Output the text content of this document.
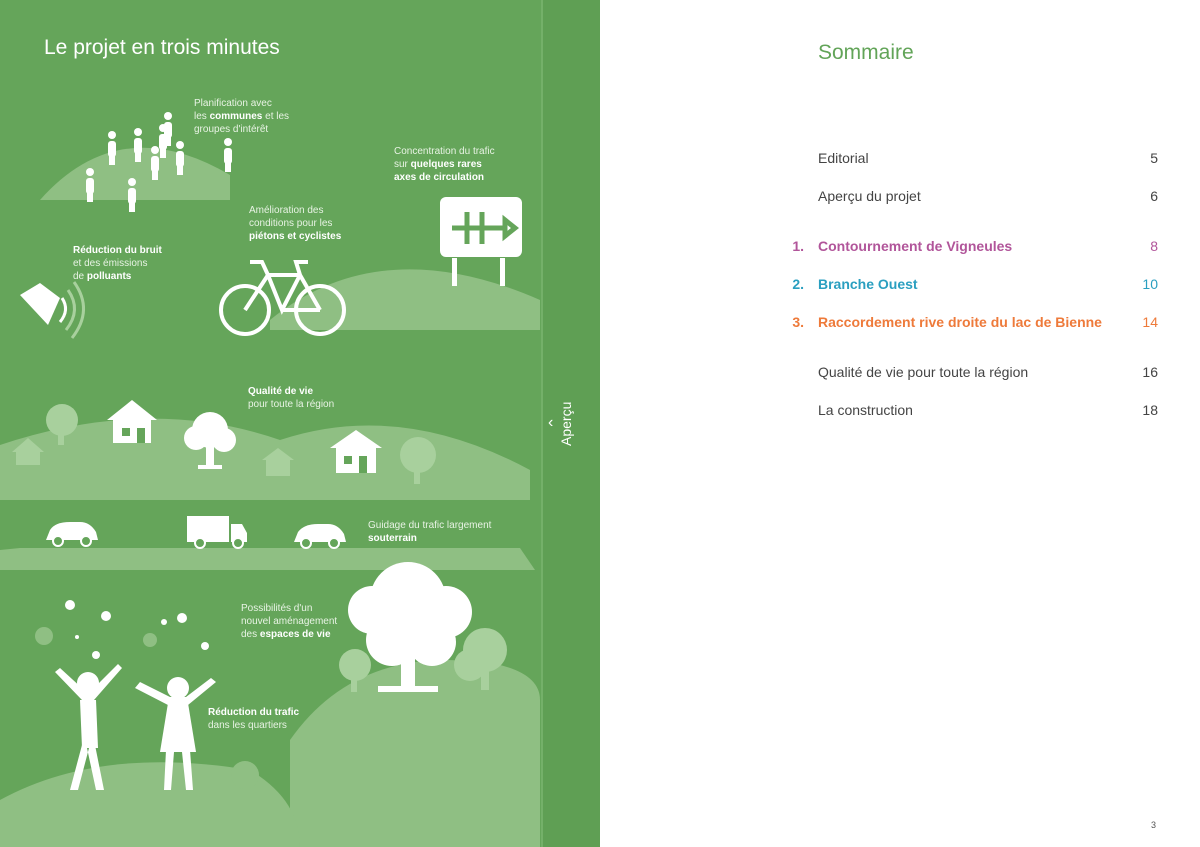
Le projet en trois minutes
Planification avec
les communes et les
groupes d'intérêt
Concentration du trafic
sur quelques rares
axes de circulation
Amélioration des
conditions pour les
piétons et cyclistes
Réduction du bruit
et des émissions
de polluants
Qualité de vie
pour toute la région
Guidage du trafic largement
souterrain
Possibilités d'un
nouvel aménagement
des espaces de vie
Réduction du trafic
dans les quartiers
‹ Aperçu
Sommaire
Editorial	5
Aperçu du projet	6
1. Contournement de Vigneules	8
2. Branche Ouest	10
3. Raccordement rive droite du lac de Bienne	14
Qualité de vie pour toute la région	16
La construction	18
3
